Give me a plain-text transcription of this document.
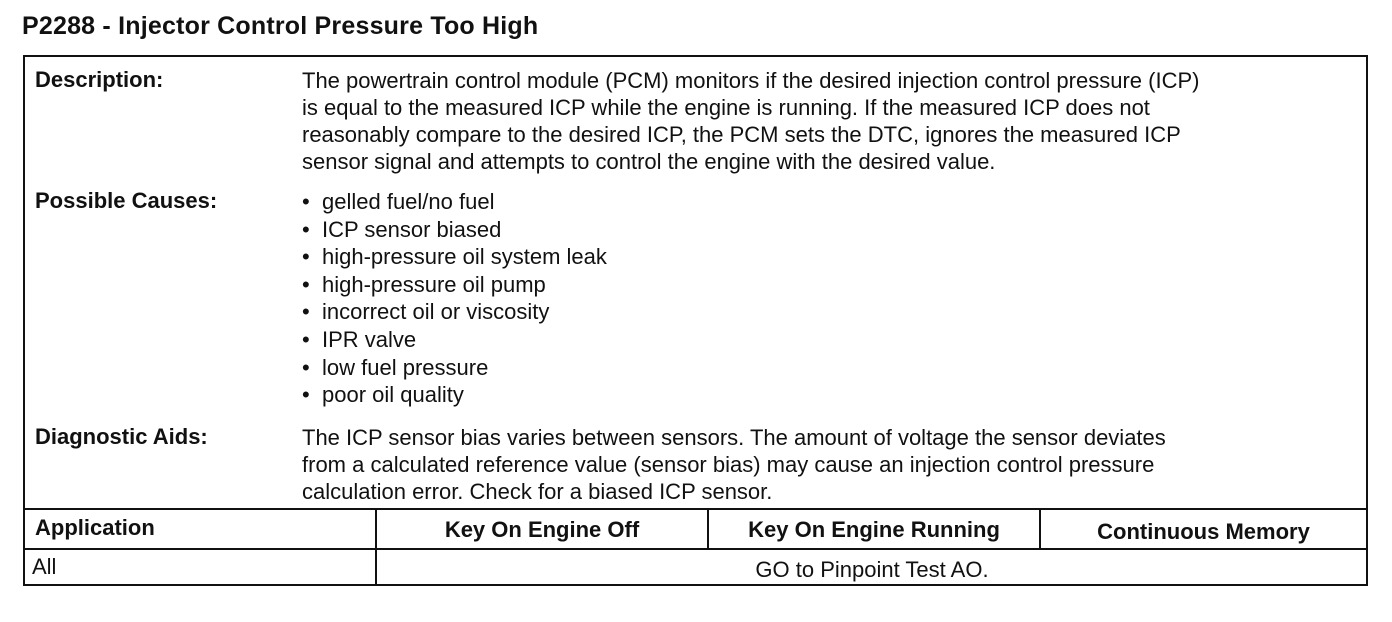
P2288 - Injector Control Pressure Too High
Description:	The powertrain control module (PCM) monitors if the desired injection control pressure (ICP)
is equal to the measured ICP while the engine is running. If the measured ICP does not
reasonably compare to the desired ICP, the PCM sets the DTC, ignores the measured ICP
sensor signal and attempts to control the engine with the desired value.
Possible Causes:
•	gelled fuel/no fuel
• ICP sensor biased
• high-pressure oil system leak
• high-pressure oil pump
• incorrect oil or viscosity
• IPR valve
• low fuel pressure
• poor oil quality
Diagnostic Aids:	The ICP sensor bias varies between sensors. The amount of voltage the sensor deviates
from a calculated reference value (sensor bias) may cause an injection control pressure
calculation error. Check for a biased ICP sensor.
Application	Key On Engine Off	Key On Engine Running	Continuous Memory
All	GO to Pinpoint Test AO.
